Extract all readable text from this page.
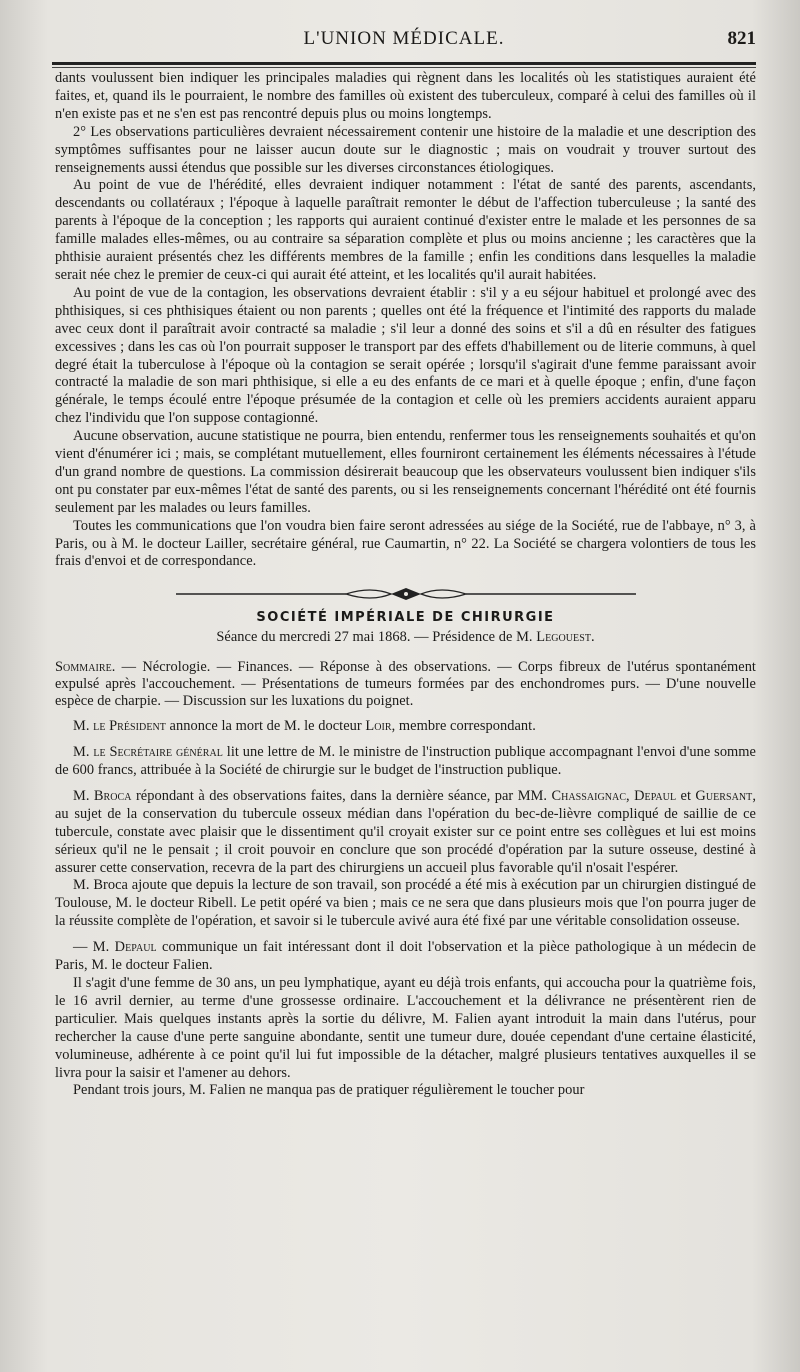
L'UNION MÉDICALE.	821

dants voulussent bien indiquer les principales maladies qui règnent dans les localités où les statistiques auraient été faites, et, quand ils le pourraient, le nombre des familles où existent des tuberculeux, comparé à celui des familles où il n'en existe pas et ne s'en est pas rencontré depuis plus ou moins longtemps.

2° Les observations particulières devraient nécessairement contenir une histoire de la maladie et une description des symptômes suffisantes pour ne laisser aucun doute sur le diagnostic ; mais on voudrait y trouver surtout des renseignements aussi étendus que possible sur les diverses circonstances étiologiques.

Au point de vue de l'hérédité, elles devraient indiquer notamment : l'état de santé des parents, ascendants, descendants ou collatéraux ; l'époque à laquelle paraîtrait remonter le début de l'affection tuberculeuse ; la santé des parents à l'époque de la conception ; les rapports qui auraient continué d'exister entre le malade et les personnes de sa famille malades elles-mêmes, ou au contraire sa séparation complète et plus ou moins ancienne ; les caractères que la phthisie auraient présentés chez les différents membres de la famille ; enfin les conditions dans lesquelles la maladie serait née chez le premier de ceux-ci qui aurait été atteint, et les localités qu'il aurait habitées.

Au point de vue de la contagion, les observations devraient établir : s'il y a eu séjour habituel et prolongé avec des phthisiques, si ces phthisiques étaient ou non parents ; quelles ont été la fréquence et l'intimité des rapports du malade avec ceux dont il paraîtrait avoir contracté sa maladie ; s'il leur a donné des soins et s'il a dû en résulter des fatigues excessives ; dans les cas où l'on pourrait supposer le transport par des effets d'habillement ou de literie communs, à quel degré était la tuberculose à l'époque où la contagion se serait opérée ; lorsqu'il s'agirait d'une femme paraissant avoir contracté la maladie de son mari phthisique, si elle a eu des enfants de ce mari et à quelle époque ; enfin, d'une façon générale, le temps écoulé entre l'époque présumée de la contagion et celle où les premiers accidents auraient apparu chez l'individu que l'on suppose contagionné.

Aucune observation, aucune statistique ne pourra, bien entendu, renfermer tous les renseignements souhaités et qu'on vient d'énumérer ici ; mais, se complétant mutuellement, elles fourniront certainement les éléments nécessaires à l'étude d'un grand nombre de questions. La commission désirerait beaucoup que les observateurs voulussent bien indiquer s'ils ont pu constater par eux-mêmes l'état de santé des parents, ou si les renseignements concernant l'hérédité ont été fournis seulement par les malades ou leurs familles.

Toutes les communications que l'on voudra bien faire seront adressées au siége de la Société, rue de l'abbaye, n° 3, à Paris, ou à M. le docteur Lailler, secrétaire général, rue Caumartin, n° 22. La Société se chargera volontiers de tous les frais d'envoi et de correspondance.

SOCIÉTÉ IMPÉRIALE DE CHIRURGIE
Séance du mercredi 27 mai 1868. — Présidence de M. Legouest.

Sommaire. — Nécrologie. — Finances. — Réponse à des observations. — Corps fibreux de l'utérus spontanément expulsé après l'accouchement. — Présentations de tumeurs formées par des enchondromes purs. — D'une nouvelle espèce de charpie. — Discussion sur les luxations du poignet.

M. le Président annonce la mort de M. le docteur Loir, membre correspondant.

M. le Secrétaire général lit une lettre de M. le ministre de l'instruction publique accompagnant l'envoi d'une somme de 600 francs, attribuée à la Société de chirurgie sur le budget de l'instruction publique.

M. Broca répondant à des observations faites, dans la dernière séance, par MM. Chassaignac, Depaul et Guersant, au sujet de la conservation du tubercule osseux médian dans l'opération du bec-de-lièvre compliqué de saillie de ce tubercule, constate avec plaisir que le dissentiment qu'il croyait exister sur ce point entre ses collègues et lui est moins sérieux qu'il ne le pensait ; il croit pouvoir en conclure que son procédé d'opération par la suture osseuse, destiné à assurer cette conservation, recevra de la part des chirurgiens un accueil plus favorable qu'il n'osait l'espérer.

M. Broca ajoute que depuis la lecture de son travail, son procédé a été mis à exécution par un chirurgien distingué de Toulouse, M. le docteur Ribell. Le petit opéré va bien ; mais ce ne sera que dans plusieurs mois que l'on pourra juger de la réussite complète de l'opération, et savoir si le tubercule avivé aura été fixé par une véritable consolidation osseuse.

— M. Depaul communique un fait intéressant dont il doit l'observation et la pièce pathologique à un médecin de Paris, M. le docteur Falien.

Il s'agit d'une femme de 30 ans, un peu lymphatique, ayant eu déjà trois enfants, qui accoucha pour la quatrième fois, le 16 avril dernier, au terme d'une grossesse ordinaire. L'accouchement et la délivrance ne présentèrent rien de particulier. Mais quelques instants après la sortie du délivre, M. Falien ayant introduit la main dans l'utérus, pour rechercher la cause d'une perte sanguine abondante, sentit une tumeur dure, douée cependant d'une certaine élasticité, volumineuse, adhérente à ce point qu'il lui fut impossible de la détacher, malgré plusieurs tentatives auxquelles il se livra pour la saisir et l'amener au dehors.

Pendant trois jours, M. Falien ne manqua pas de pratiquer régulièrement le toucher pour
